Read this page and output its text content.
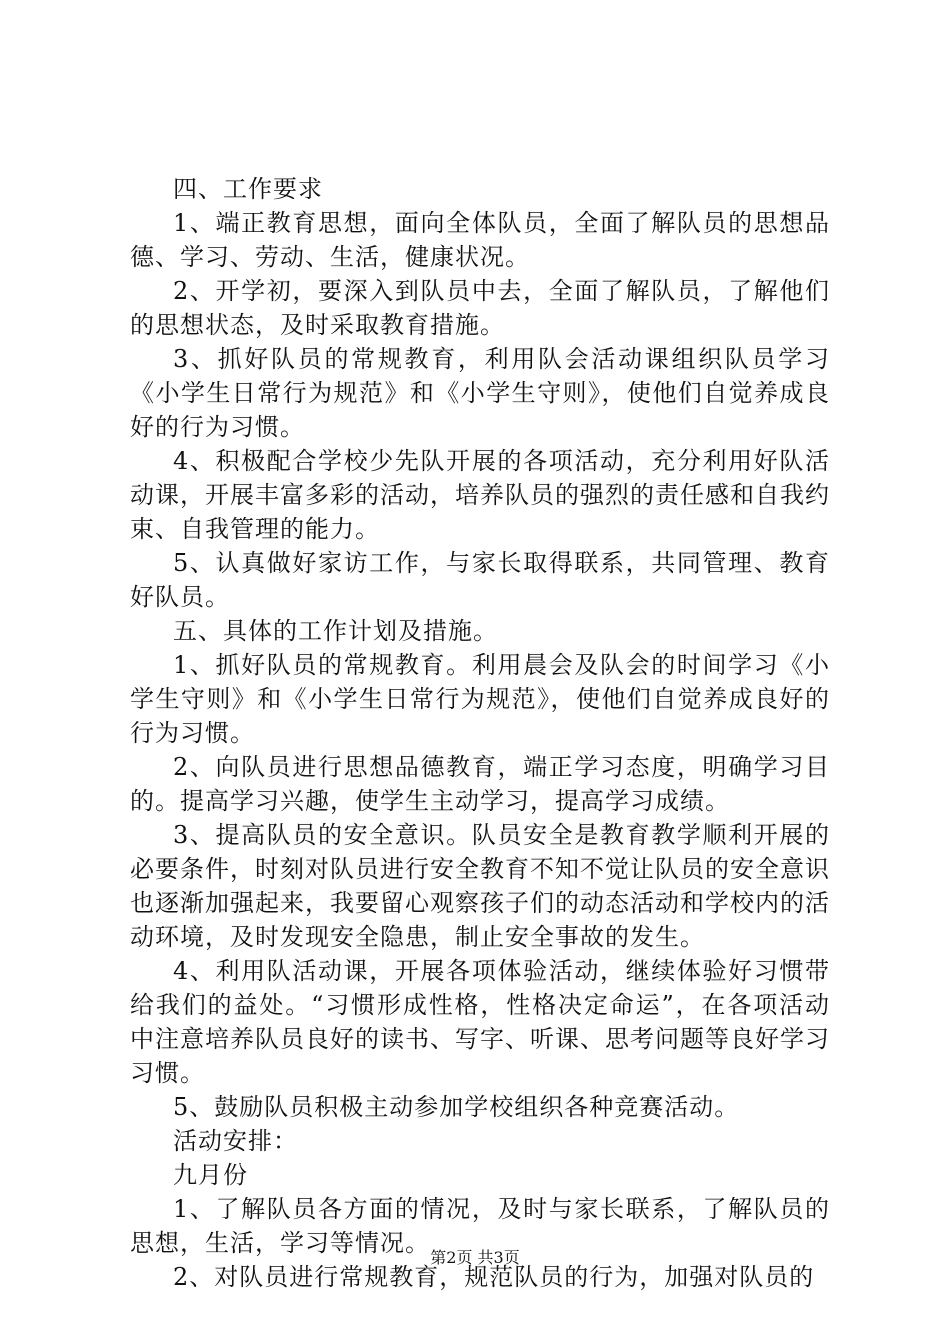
四、工作要求

1、端正教育思想，面向全体队员，全面了解队员的思想品德、学习、劳动、生活，健康状况。

2、开学初，要深入到队员中去，全面了解队员，了解他们的思想状态，及时采取教育措施。

3、抓好队员的常规教育，利用队会活动课组织队员学习《小学生日常行为规范》和《小学生守则》，使他们自觉养成良好的行为习惯。

4、积极配合学校少先队开展的各项活动，充分利用好队活动课，开展丰富多彩的活动，培养队员的强烈的责任感和自我约束、自我管理的能力。

5、认真做好家访工作，与家长取得联系，共同管理、教育好队员。

五、具体的工作计划及措施。

1、抓好队员的常规教育。利用晨会及队会的时间学习《小学生守则》和《小学生日常行为规范》，使他们自觉养成良好的行为习惯。

2、向队员进行思想品德教育，端正学习态度，明确学习目的。提高学习兴趣，使学生主动学习，提高学习成绩。

3、提高队员的安全意识。队员安全是教育教学顺利开展的必要条件，时刻对队员进行安全教育不知不觉让队员的安全意识也逐渐加强起来，我要留心观察孩子们的动态活动和学校内的活动环境，及时发现安全隐患，制止安全事故的发生。

4、利用队活动课，开展各项体验活动，继续体验好习惯带给我们的益处。“习惯形成性格，性格决定命运”，在各项活动中注意培养队员良好的读书、写字、听课、思考问题等良好学习习惯。

5、鼓励队员积极主动参加学校组织各种竞赛活动。

活动安排：

九月份

1、了解队员各方面的情况，及时与家长联系，了解队员的思想，生活，学习等情况。

2、对队员进行常规教育，规范队员的行为，加强对队员的

第2页 共3页
